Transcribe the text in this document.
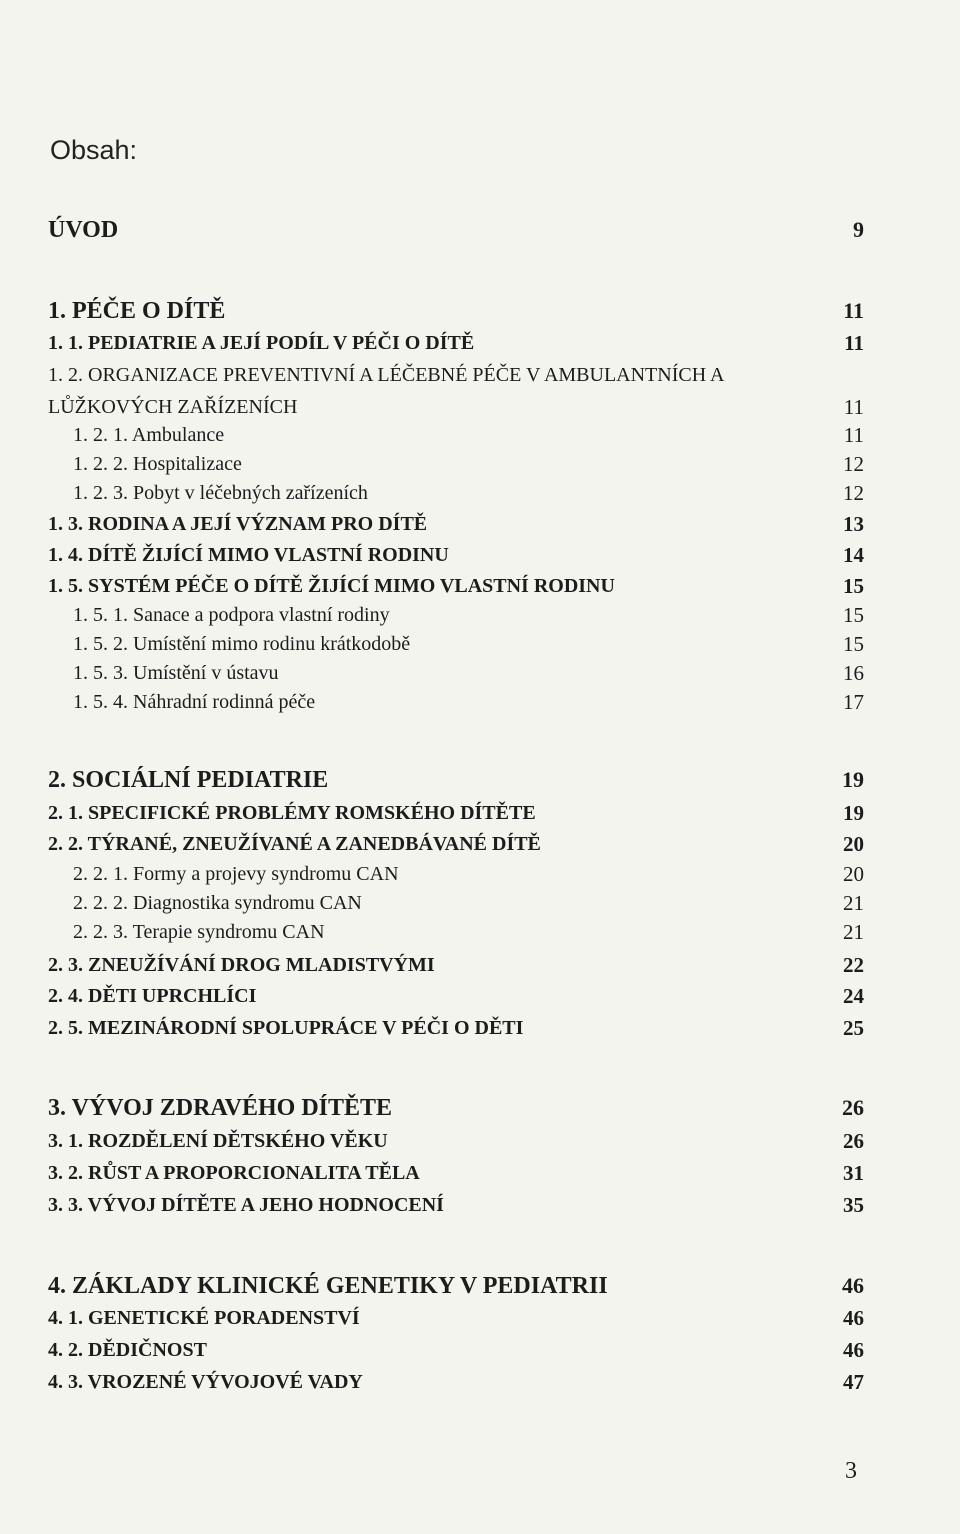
Obsah:
ÚVOD	9
1. PÉČE O DÍTĚ	11
1. 1. PEDIATRIE A JEJÍ PODÍL V PÉČI O DÍTĚ	11
1. 2. ORGANIZACE PREVENTIVNÍ A LÉČEBNÉ PÉČE V AMBULANTNÍCH A
LŮŽKOVÝCH ZAŘÍZENÍCH	11
1. 2. 1. Ambulance	11
1. 2. 2. Hospitalizace	12
1. 2. 3. Pobyt v léčebných zařízeních	12
1. 3. RODINA A JEJÍ VÝZNAM PRO DÍTĚ	13
1. 4. DÍTĚ ŽIJÍCÍ MIMO VLASTNÍ RODINU	14
1. 5. SYSTÉM PÉČE O DÍTĚ ŽIJÍCÍ MIMO VLASTNÍ RODINU	15
1. 5. 1. Sanace a podpora vlastní rodiny	15
1. 5. 2. Umístění mimo rodinu krátkodobě	15
1. 5. 3. Umístění v ústavu	16
1. 5. 4. Náhradní rodinná péče	17
2. SOCIÁLNÍ PEDIATRIE	19
2. 1. SPECIFICKÉ PROBLÉMY ROMSKÉHO DÍTĚTE	19
2. 2. TÝRANÉ, ZNEUŽÍVANÉ A ZANEDBÁVANÉ DÍTĚ	20
2. 2. 1. Formy a projevy syndromu CAN	20
2. 2. 2. Diagnostika syndromu CAN	21
2. 2. 3. Terapie syndromu CAN	21
2. 3. ZNEUŽÍVÁNÍ DROG MLADISTVÝMI	22
2. 4. DĚTI UPRCHLÍCI	24
2. 5. MEZINÁRODNÍ SPOLUPRÁCE V PÉČI O DĚTI	25
3. VÝVOJ ZDRAVÉHO DÍTĚTE	26
3. 1. ROZDĚLENÍ DĚTSKÉHO VĚKU	26
3. 2. RŮST A PROPORCIONALITA TĚLA	31
3. 3. VÝVOJ DÍTĚTE A JEHO HODNOCENÍ	35
4. ZÁKLADY KLINICKÉ GENETIKY V PEDIATRII	46
4. 1. GENETICKÉ PORADENSTVÍ	46
4. 2. DĚDIČNOST	46
4. 3. VROZENÉ VÝVOJOVÉ VADY	47
3
